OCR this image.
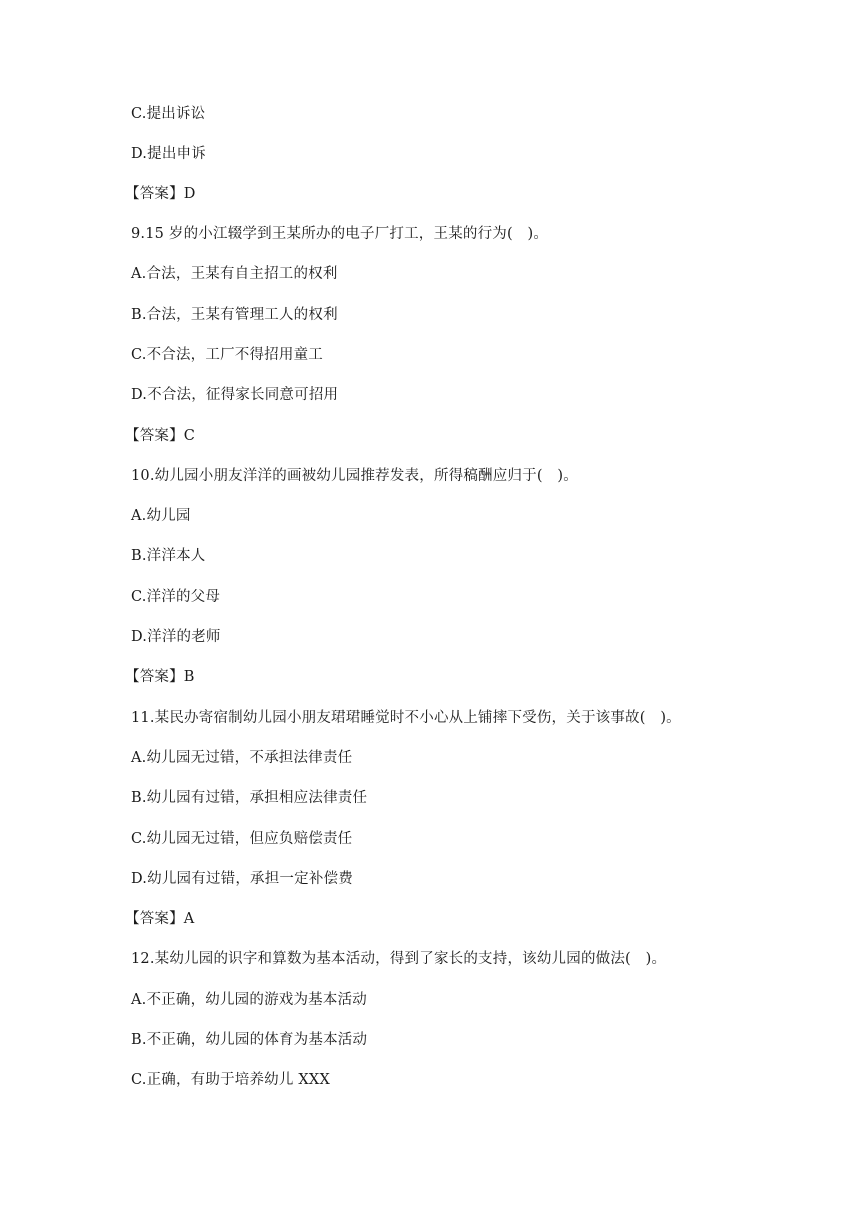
C.提出诉讼
D.提出申诉
【答案】D
9.15 岁的小江辍学到王某所办的电子厂打工，王某的行为(　)。
A.合法，王某有自主招工的权利
B.合法，王某有管理工人的权利
C.不合法，工厂不得招用童工
D.不合法，征得家长同意可招用
【答案】C
10.幼儿园小朋友洋洋的画被幼儿园推荐发表，所得稿酬应归于(　)。
A.幼儿园
B.洋洋本人
C.洋洋的父母
D.洋洋的老师
【答案】B
11.某民办寄宿制幼儿园小朋友珺珺睡觉时不小心从上铺摔下受伤，关于该事故(　)。
A.幼儿园无过错，不承担法律责任
B.幼儿园有过错，承担相应法律责任
C.幼儿园无过错，但应负赔偿责任
D.幼儿园有过错，承担一定补偿费
【答案】A
12.某幼儿园的识字和算数为基本活动，得到了家长的支持，该幼儿园的做法(　)。
A.不正确，幼儿园的游戏为基本活动
B.不正确，幼儿园的体育为基本活动
C.正确，有助于培养幼儿 XXX
